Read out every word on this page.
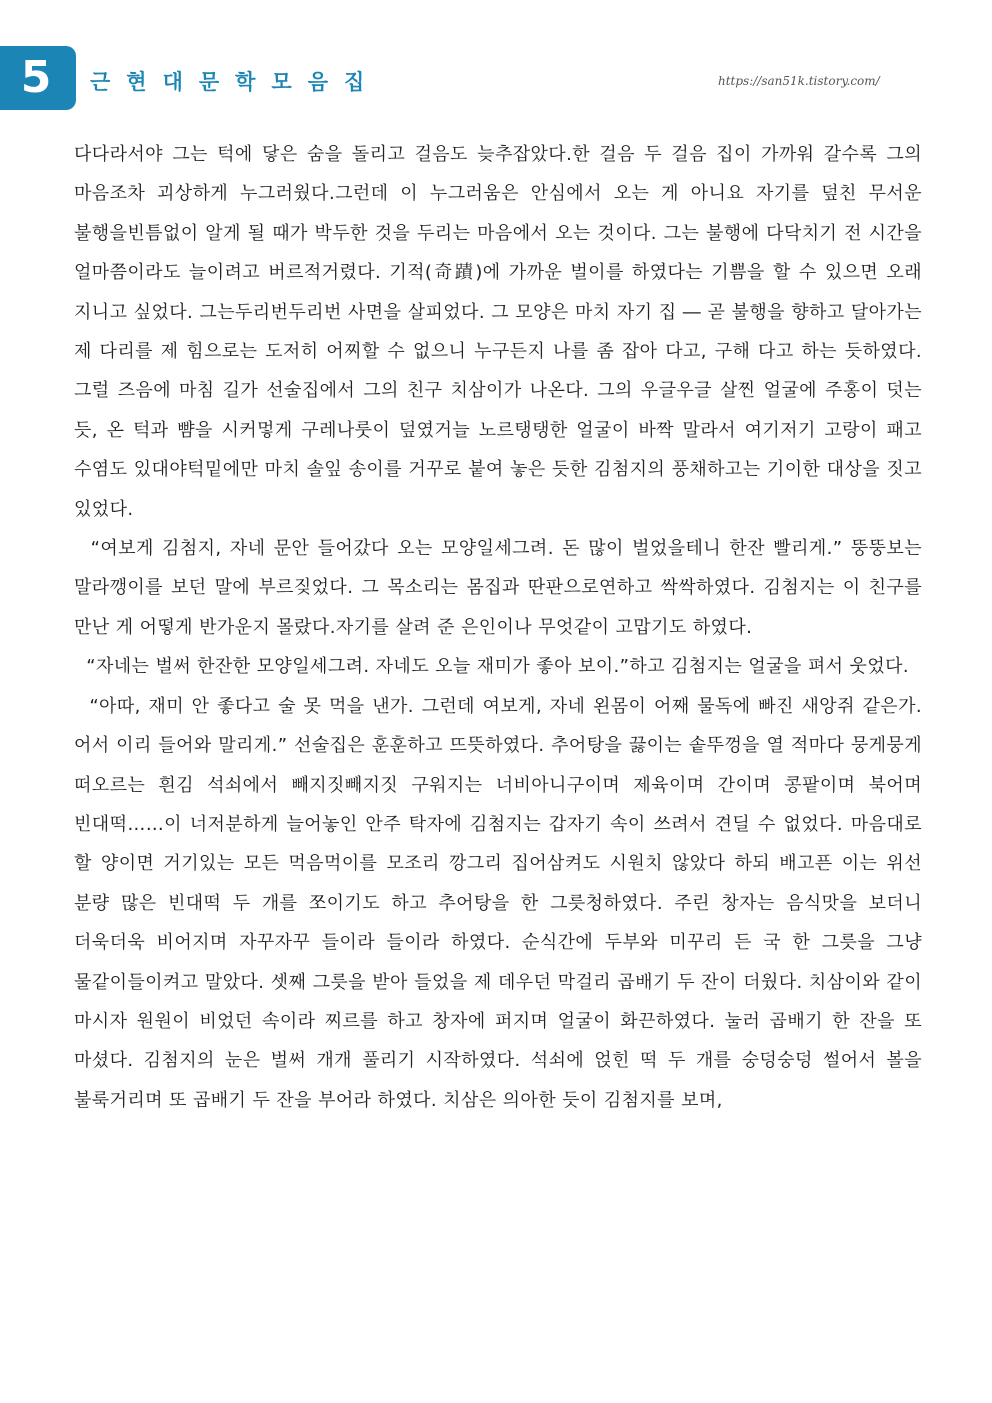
5 근현대문학모음집	https://san51k.tistory.com/

다다라서야 그는 턱에 닿은 숨을 돌리고 걸음도 늦추잡았다.한 걸음 두 걸음 집이 가까워 갈수록 그의 마음조차 괴상하게 누그러웠다.그런데 이 누그러움은 안심에서 오는 게 아니요 자기를 덮친 무서운 불행을빈틈없이 알게 될 때가 박두한 것을 두리는 마음에서 오는 것이다. 그는 불행에 다닥치기 전 시간을 얼마쯤이라도 늘이려고 버르적거렸다. 기적(奇蹟)에 가까운 벌이를 하였다는 기쁨을 할 수 있으면 오래 지니고 싶었다. 그는두리번두리번 사면을 살피었다. 그 모양은 마치 자기 집 ― 곧 불행을 향하고 달아가는 제 다리를 제 힘으로는 도저히 어찌할 수 없으니 누구든지 나를 좀 잡아 다고, 구해 다고 하는 듯하였다. 그럴 즈음에 마침 길가 선술집에서 그의 친구 치삼이가 나온다. 그의 우글우글 살찐 얼굴에 주홍이 덧는 듯, 온 턱과 뺨을 시커멓게 구레나룻이 덮였거늘 노르탱탱한 얼굴이 바짝 말라서 여기저기 고랑이 패고 수염도 있대야턱밑에만 마치 솔잎 송이를 거꾸로 붙여 놓은 듯한 김첨지의 풍채하고는 기이한 대상을 짓고 있었다.

“여보게 김첨지, 자네 문안 들어갔다 오는 모양일세그려. 돈 많이 벌었을테니 한잔 빨리게.” 뚱뚱보는 말라깽이를 보던 말에 부르짖었다. 그 목소리는 몸집과 딴판으로연하고 싹싹하였다. 김첨지는 이 친구를 만난 게 어떻게 반가운지 몰랐다.자기를 살려 준 은인이나 무엇같이 고맙기도 하였다.

“자네는 벌써 한잔한 모양일세그려. 자네도 오늘 재미가 좋아 보이.”하고 김첨지는 얼굴을 펴서 웃었다.

“아따, 재미 안 좋다고 술 못 먹을 낸가. 그런데 여보게, 자네 왼몸이 어째 물독에 빠진 새앙쥐 같은가. 어서 이리 들어와 말리게.” 선술집은 훈훈하고 뜨뜻하였다. 추어탕을 끓이는 솥뚜껑을 열 적마다 뭉게뭉게 떠오르는 흰김 석쇠에서 빼지짓빼지짓 구워지는 너비아니구이며 제육이며 간이며 콩팥이며 북어며 빈대떡……이 너저분하게 늘어놓인 안주 탁자에 김첨지는 갑자기 속이 쓰려서 견딜 수 없었다. 마음대로 할 양이면 거기있는 모든 먹음먹이를 모조리 깡그리 집어삼켜도 시원치 않았다 하되 배고픈 이는 위선 분량 많은 빈대떡 두 개를 쪼이기도 하고 추어탕을 한 그릇청하였다. 주린 창자는 음식맛을 보더니 더욱더욱 비어지며 자꾸자꾸 들이라 들이라 하였다. 순식간에 두부와 미꾸리 든 국 한 그릇을 그냥 물같이들이켜고 말았다. 셋째 그릇을 받아 들었을 제 데우던 막걸리 곱배기 두 잔이 더웠다. 치삼이와 같이 마시자 원원이 비었던 속이라 찌르를 하고 창자에 퍼지며 얼굴이 화끈하였다. 눌러 곱배기 한 잔을 또 마셨다. 김첨지의 눈은 벌써 개개 풀리기 시작하였다. 석쇠에 얹힌 떡 두 개를 숭덩숭덩 썰어서 볼을 불룩거리며 또 곱배기 두 잔을 부어라 하였다. 치삼은 의아한 듯이 김첨지를 보며,
